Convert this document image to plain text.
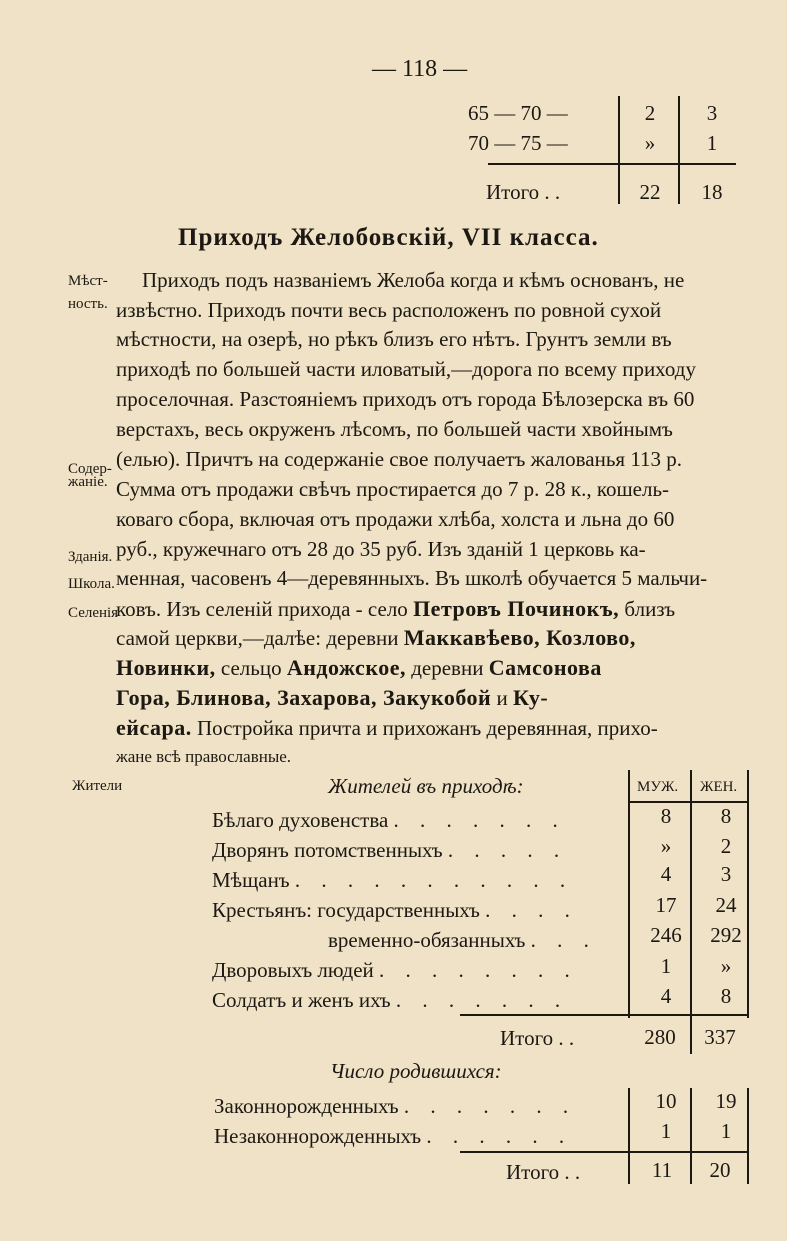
— 118 —
65 — 70 —	2	3
70 — 75 —	»	1
Итого . .	22	18
Приходъ Желобовскій, VII класса.
Мѣст-
ность.
Содер-
жаніе.
Зданія.
Школа.
Селенія
Жители
Приходъ подъ названіемъ Желоба когда и кѣмъ основанъ, не
извѣстно. Приходъ почти весь расположенъ по ровной сухой
мѣстности, на озерѣ, но рѣкъ близъ его нѣтъ. Грунтъ земли въ
приходѣ по большей части иловатый,—дорога по всему приходу
проселочная. Разстояніемъ приходъ отъ города Бѣлозерска въ 60
верстахъ, весь окруженъ лѣсомъ, по большей части хвойнымъ
(елью). Причтъ на содержаніе свое получаетъ жалованья 113 р.
Сумма отъ продажи свѣчъ простирается до 7 р. 28 к., кошель-
коваго сбора, включая отъ продажи хлѣба, холста и льна до 60
руб., кружечнаго отъ 28 до 35 руб. Изъ зданій 1 церковь ка-
менная, часовенъ 4—деревянныхъ. Въ школѣ обучается 5 мальчи-
ковъ. Изъ селеній прихода - село Петровъ Починокъ, близъ
самой церкви,—далѣе: деревни Маккавѣево, Козлово,
Новинки, сельцо Андожское, деревни Самсонова
Гора, Блинова, Захарова, Закукобой и Ку-
ейсара. Постройка причта и прихожанъ деревянная, прихо-
жане всѣ православные.
Жителей въ приходѣ:	МУЖ. ЖЕН.
Бѣлаго духовенства . . . . . . .	8	8
Дворянъ потомственныхъ . . . . .	»	2
Мѣщанъ . . . . . . . . . . .	4	3
Крестьянъ: государственныхъ . . . .	17	24
временно-обязанныхъ . . .	246 292
Дворовыхъ людей . . . . . . . .	1	»
Солдатъ и женъ ихъ . . . . . . .	4	8
Итого . .	280 337
Число родившихся:
Законнорожденныхъ . . . . . . .	10	19
Незаконнорожденныхъ . . . . . .	1	1
Итого . .	11	20
